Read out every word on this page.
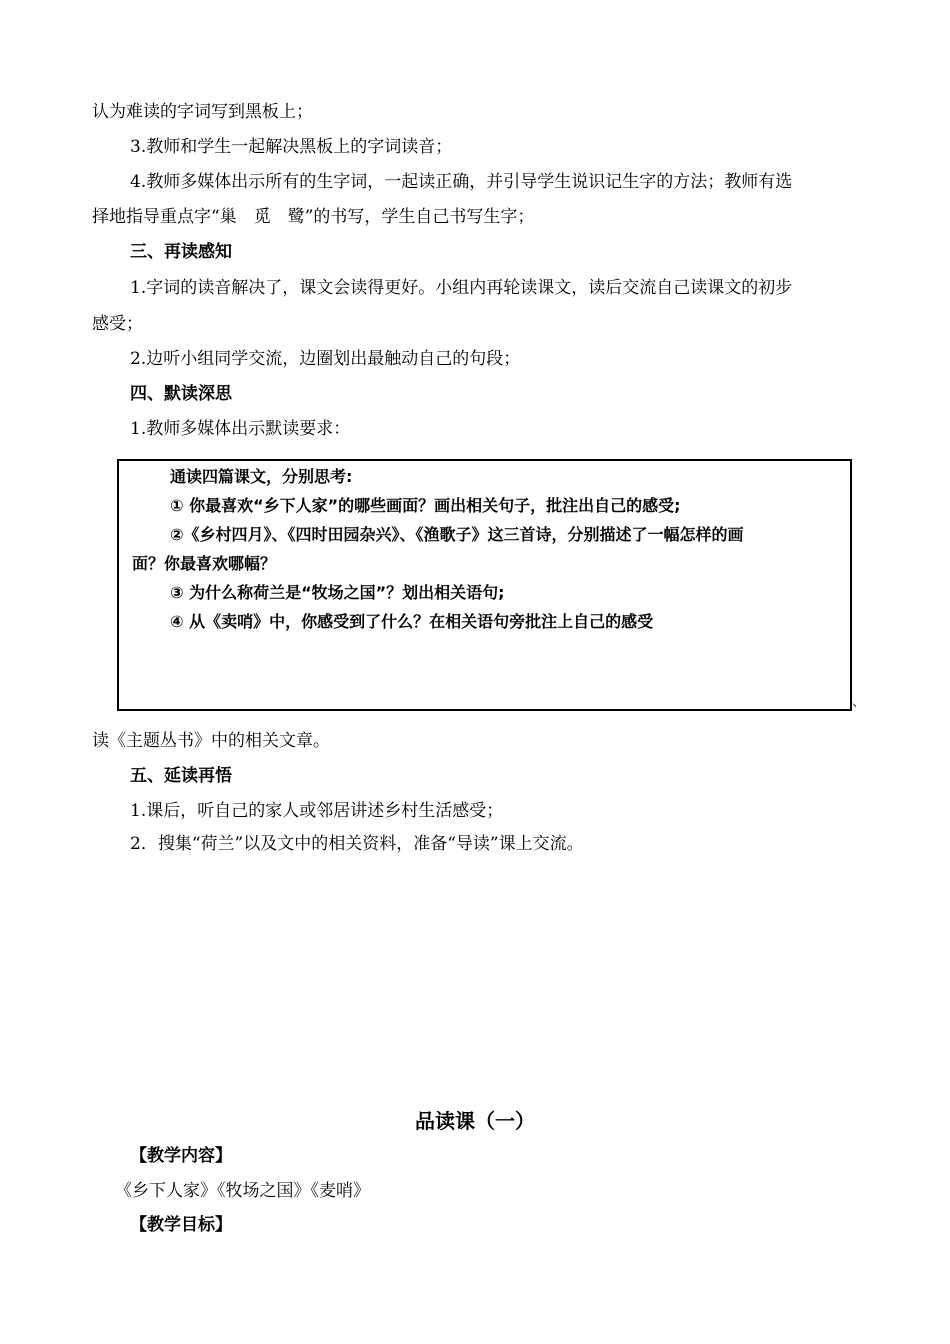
认为难读的字词写到黑板上；
3.教师和学生一起解决黑板上的字词读音；
4.教师多媒体出示所有的生字词，一起读正确，并引导学生说识记生字的方法；教师有选
择地指导重点字“巢　觅　鹭”的书写，学生自己书写生字；
三、再读感知
1.字词的读音解决了，课文会读得更好。小组内再轮读课文，读后交流自己读课文的初步
感受；
2.边听小组同学交流，边圈划出最触动自己的句段；
四、默读深思
1.教师多媒体出示默读要求：
通读四篇课文，分别思考:
① 你最喜欢“乡下人家”的哪些画面？画出相关句子，批注出自己的感受;
②《乡村四月》、《四时田园杂兴》、《渔歌子》这三首诗，分别描述了一幅怎样的画
面？你最喜欢哪幅？
③ 为什么称荷兰是“牧场之国”？划出相关语句;
④ 从《卖哨》中，你感受到了什么？在相关语句旁批注上自己的感受
、
读《主题丛书》中的相关文章。
五、延读再悟
1.课后，听自己的家人或邻居讲述乡村生活感受；
2．搜集“荷兰”以及文中的相关资料，准备“导读”课上交流。
品读课（一）
【教学内容】
《乡下人家》《牧场之国》《麦哨》
【教学目标】
